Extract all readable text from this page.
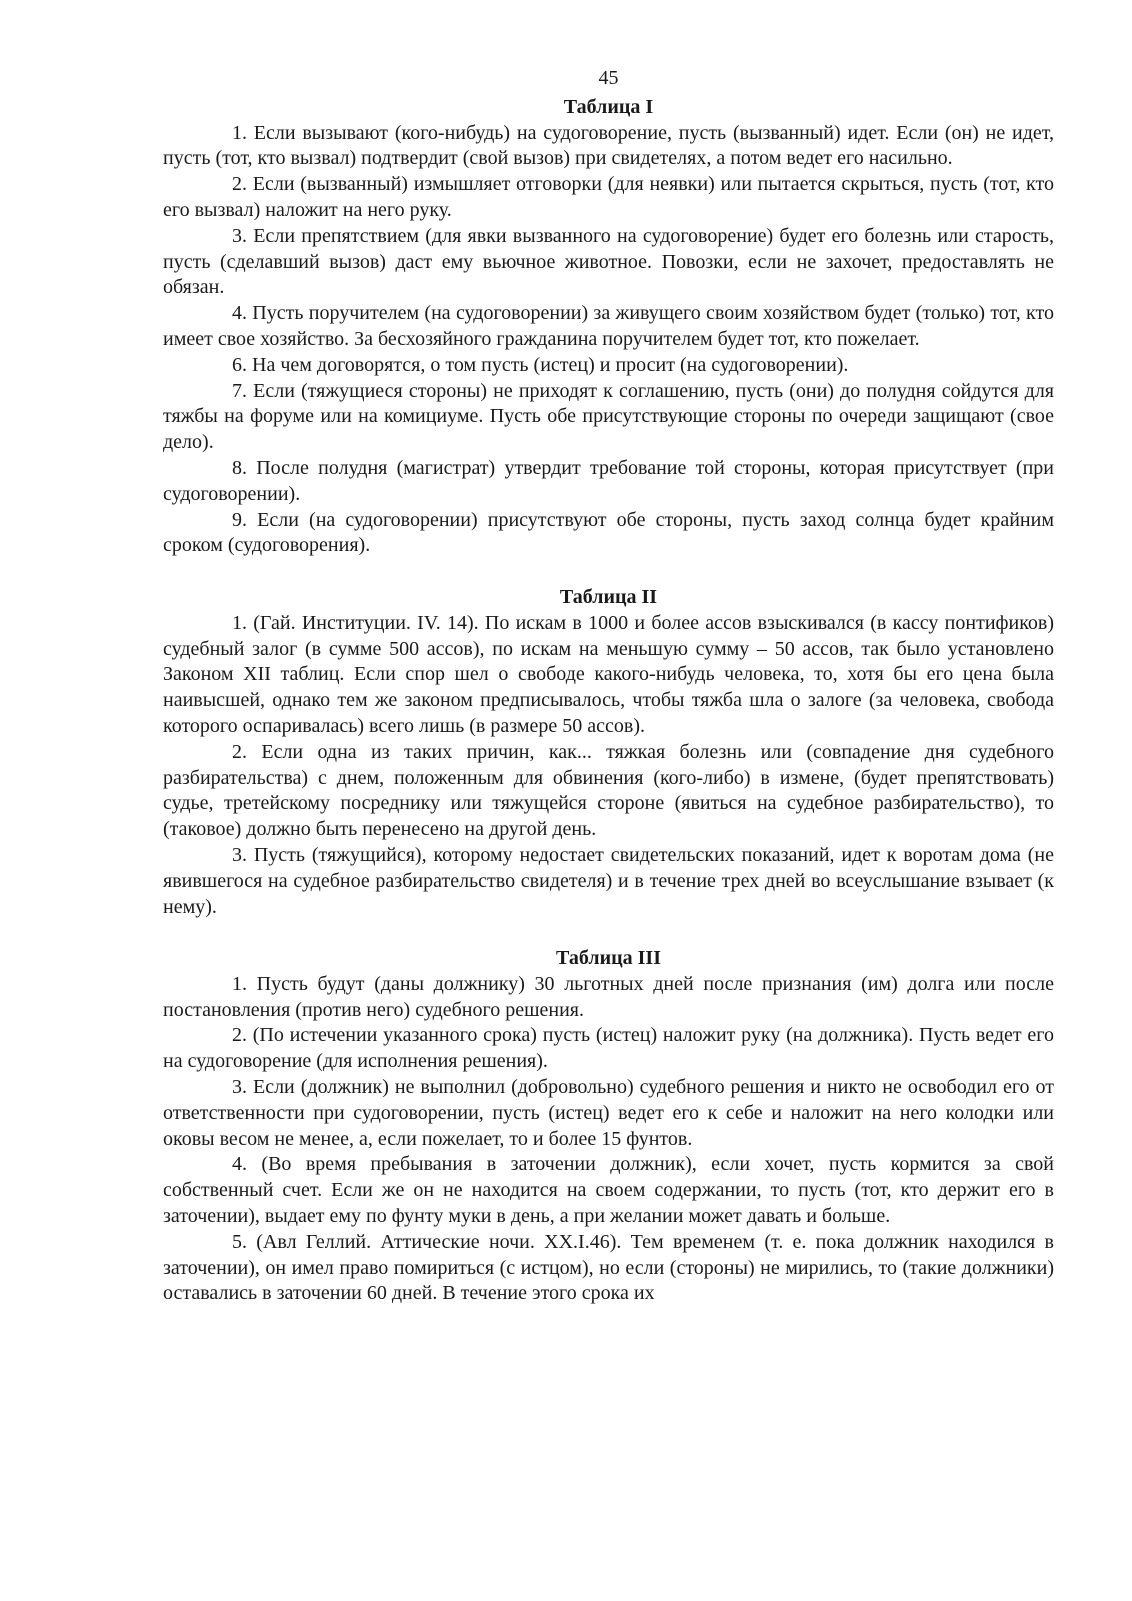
45
Таблица I

1. Если вызывают (кого-нибудь) на судоговорение, пусть (вызванный) идет. Если (он) не идет, пусть (тот, кто вызвал) подтвердит (свой вызов) при свидетелях, а потом ведет его насильно.

2. Если (вызванный) измышляет отговорки (для неявки) или пытается скрыться, пусть (тот, кто его вызвал) наложит на него руку.

3. Если препятствием (для явки вызванного на судоговорение) будет его болезнь или старость, пусть (сделавший вызов) даст ему вьючное животное. Повозки, если не захочет, предоставлять не обязан.

4. Пусть поручителем (на судоговорении) за живущего своим хозяйством будет (только) тот, кто имеет свое хозяйство. За бесхозяйного гражданина поручителем будет тот, кто пожелает.

6. На чем договорятся, о том пусть (истец) и просит (на судоговорении).

7. Если (тяжущиеся стороны) не приходят к соглашению, пусть (они) до полудня сойдутся для тяжбы на форуме или на комициуме. Пусть обе присутствующие стороны по очереди защищают (свое дело).

8. После полудня (магистрат) утвердит требование той стороны, которая присутствует (при судоговорении).

9. Если (на судоговорении) присутствуют обе стороны, пусть заход солнца будет крайним сроком (судоговорения).

Таблица II

1. (Гай. Институции. IV. 14). По искам в 1000 и более ассов взыскивался (в кассу понтификов) судебный залог (в сумме 500 ассов), по искам на меньшую сумму – 50 ассов, так было установлено Законом XII таблиц. Если спор шел о свободе какого-нибудь человека, то, хотя бы его цена была наивысшей, однако тем же законом предписывалось, чтобы тяжба шла о залоге (за человека, свобода которого оспаривалась) всего лишь (в размере 50 ассов).

2. Если одна из таких причин, как... тяжкая болезнь или (совпадение дня судебного разбирательства) с днем, положенным для обвинения (кого-либо) в измене, (будет препятствовать) судье, третейскому посреднику или тяжущейся стороне (явиться на судебное разбирательство), то (таковое) должно быть перенесено на другой день.

3. Пусть (тяжущийся), которому недостает свидетельских показаний, идет к воротам дома (не явившегося на судебное разбирательство свидетеля) и в течение трех дней во всеуслышание взывает (к нему).

Таблица III

1. Пусть будут (даны должнику) 30 льготных дней после признания (им) долга или после постановления (против него) судебного решения.

2. (По истечении указанного срока) пусть (истец) наложит руку (на должника). Пусть ведет его на судоговорение (для исполнения решения).

3. Если (должник) не выполнил (добровольно) судебного решения и никто не освободил его от ответственности при судоговорении, пусть (истец) ведет его к себе и наложит на него колодки или оковы весом не менее, а, если пожелает, то и более 15 фунтов.

4. (Во время пребывания в заточении должник), если хочет, пусть кормится за свой собственный счет. Если же он не находится на своем содержании, то пусть (тот, кто держит его в заточении), выдает ему по фунту муки в день, а при желании может давать и больше.

5. (Авл Геллий. Аттические ночи. XX.I.46). Тем временем (т. е. пока должник находился в заточении), он имел право помириться (с истцом), но если (стороны) не мирились, то (такие должники) оставались в заточении 60 дней. В течение этого срока их
